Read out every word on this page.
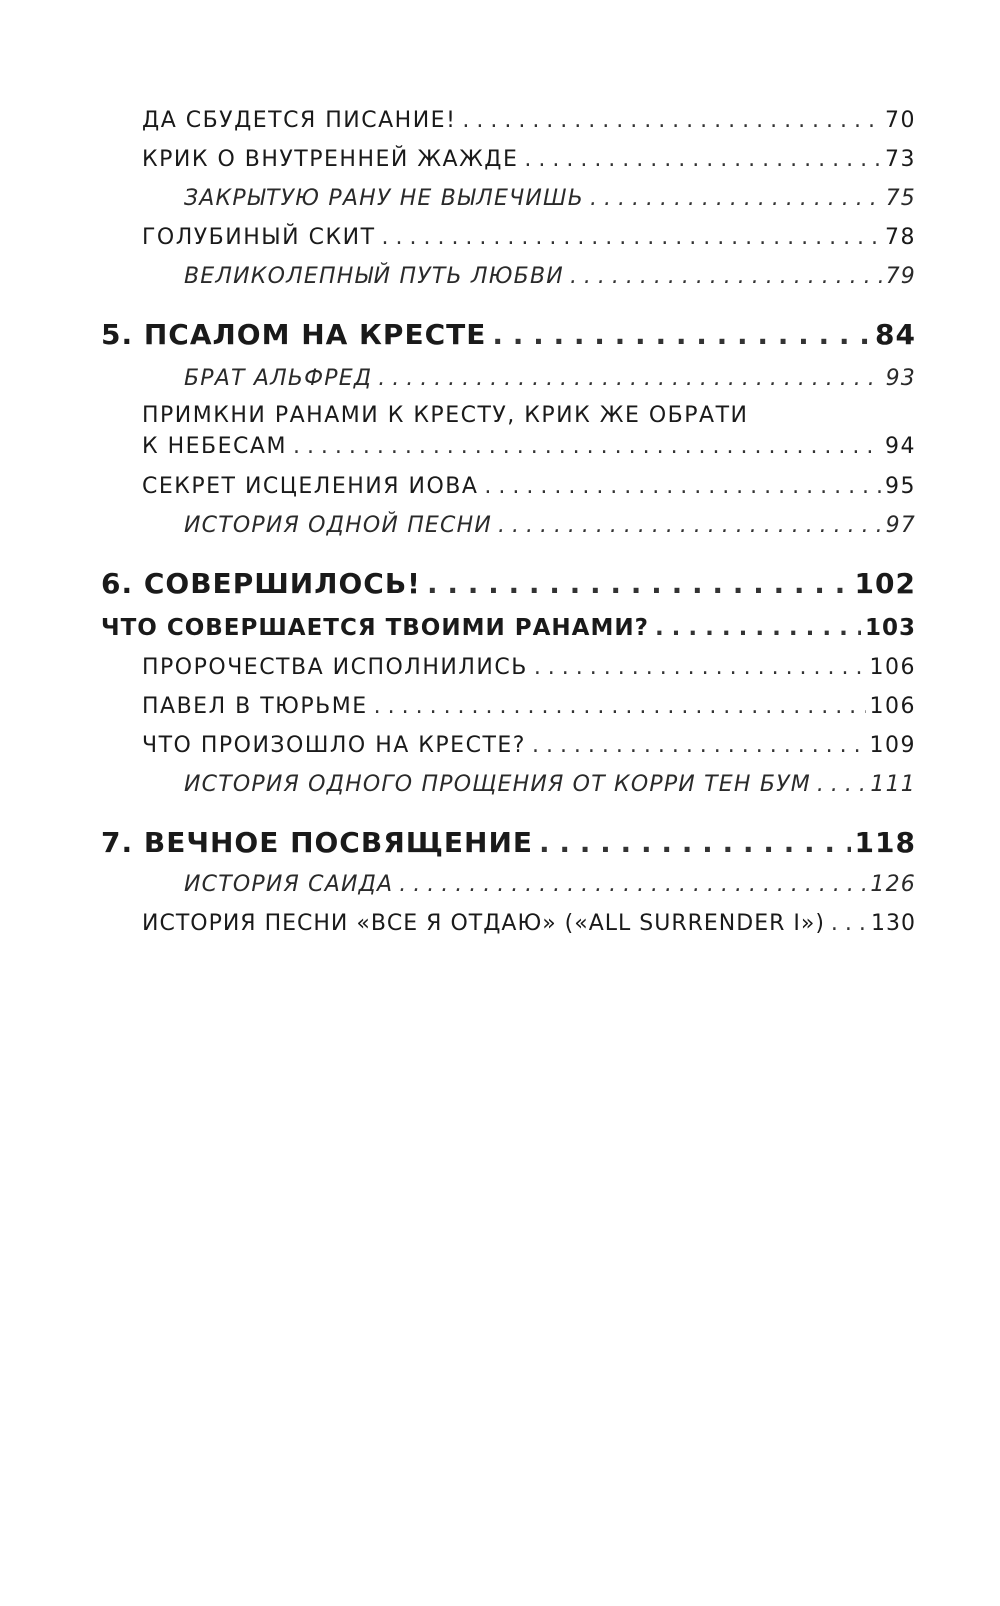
ДА СБУДЕТСЯ ПИСАНИЕ! . . .	70
КРИК О ВНУТРЕННЕЙ ЖАЖДЕ . . .	73
ЗАКРЫТУЮ РАНУ НЕ ВЫЛЕЧИШЬ . . .	75
ГОЛУБИНЫЙ СКИТ . . .	78
ВЕЛИКОЛЕПНЫЙ ПУТЬ ЛЮБВИ . . .	79
5. ПСАЛОМ НА КРЕСТЕ . . .	84
БРАТ АЛЬФРЕД . . .	93
ПРИМКНИ РАНАМИ К КРЕСТУ, КРИК ЖЕ ОБРАТИ
К НЕБЕСАМ . . .	94
СЕКРЕТ ИСЦЕЛЕНИЯ ИОВА . . .	95
ИСТОРИЯ ОДНОЙ ПЕСНИ . . .	97
6. СОВЕРШИЛОСЬ! . . .	102
ЧТО СОВЕРШАЕТСЯ ТВОИМИ РАНАМИ? . . .	103
ПРОРОЧЕСТВА ИСПОЛНИЛИСЬ . . .	106
ПАВЕЛ В ТЮРЬМЕ . . .	106
ЧТО ПРОИЗОШЛО НА КРЕСТЕ? . . .	109
ИСТОРИЯ ОДНОГО ПРОЩЕНИЯ ОТ КОРРИ ТЕН БУМ . . .	111
7. ВЕЧНОЕ ПОСВЯЩЕНИЕ . . .	118
ИСТОРИЯ САИДА . . .	126
ИСТОРИЯ ПЕСНИ «ВСЕ Я ОТДАЮ» («ALL SURRENDER I») . . . 130
